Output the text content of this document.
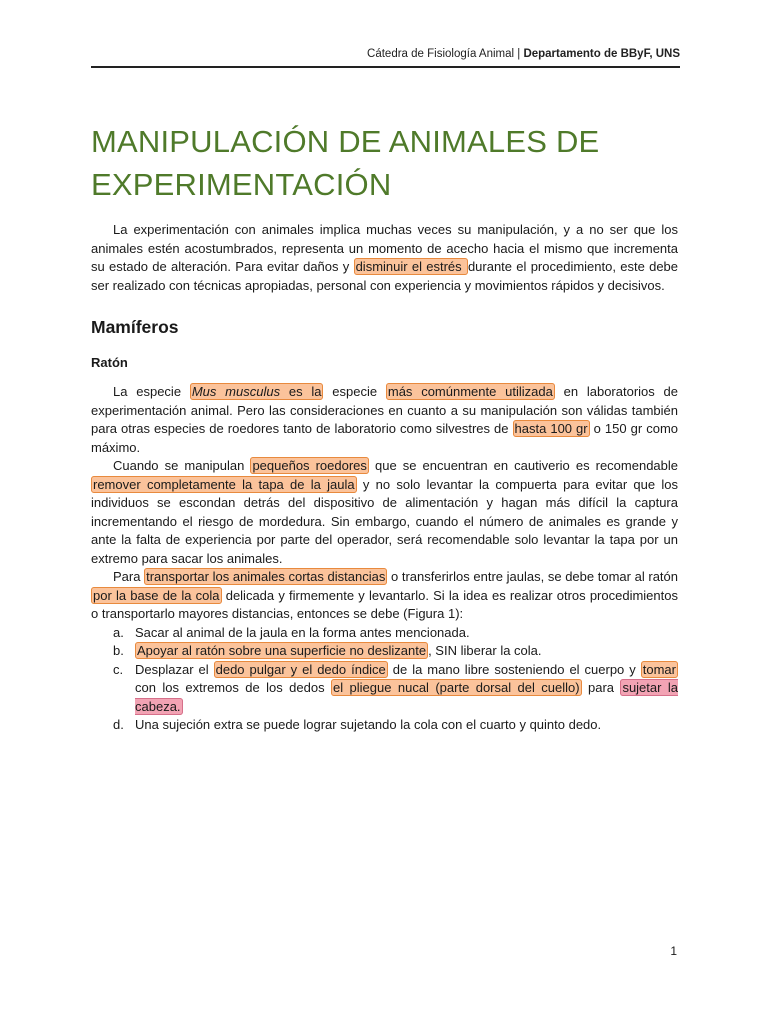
Cátedra de Fisiología Animal | Departamento de BByF, UNS
MANIPULACIÓN DE ANIMALES DE EXPERIMENTACIÓN

La experimentación con animales implica muchas veces su manipulación, y a no ser que los animales estén acostumbrados, representa un momento de acecho hacia el mismo que incrementa su estado de alteración. Para evitar daños y disminuir el estrés durante el procedimiento, este debe ser realizado con técnicas apropiadas, personal con experiencia y movimientos rápidos y decisivos.

Mamíferos
Ratón

La especie Mus musculus es la especie más comúnmente utilizada en laboratorios de experimentación animal. Pero las consideraciones en cuanto a su manipulación son válidas también para otras especies de roedores tanto de laboratorio como silvestres de hasta 100 gr o 150 gr como máximo.

Cuando se manipulan pequeños roedores que se encuentran en cautiverio es recomendable remover completamente la tapa de la jaula y no solo levantar la compuerta para evitar que los individuos se escondan detrás del dispositivo de alimentación y hagan más difícil la captura incrementando el riesgo de mordedura. Sin embargo, cuando el número de animales es grande y ante la falta de experiencia por parte del operador, será recomendable solo levantar la tapa por un extremo para sacar los animales.

Para transportar los animales cortas distancias o transferirlos entre jaulas, se debe tomar al ratón por la base de la cola delicada y firmemente y levantarlo. Si la idea es realizar otros procedimientos o transportarlo mayores distancias, entonces se debe (Figura 1):

a. Sacar al animal de la jaula en la forma antes mencionada.
b. Apoyar al ratón sobre una superficie no deslizante , SIN liberar la cola.
c. Desplazar el dedo pulgar y el dedo índice de la mano libre sosteniendo el cuerpo y tomar con los extremos de los dedos el pliegue nucal (parte dorsal del cuello) para sujetar la cabeza.
d. Una sujeción extra se puede lograr sujetando la cola con el cuarto y quinto dedo.
1
